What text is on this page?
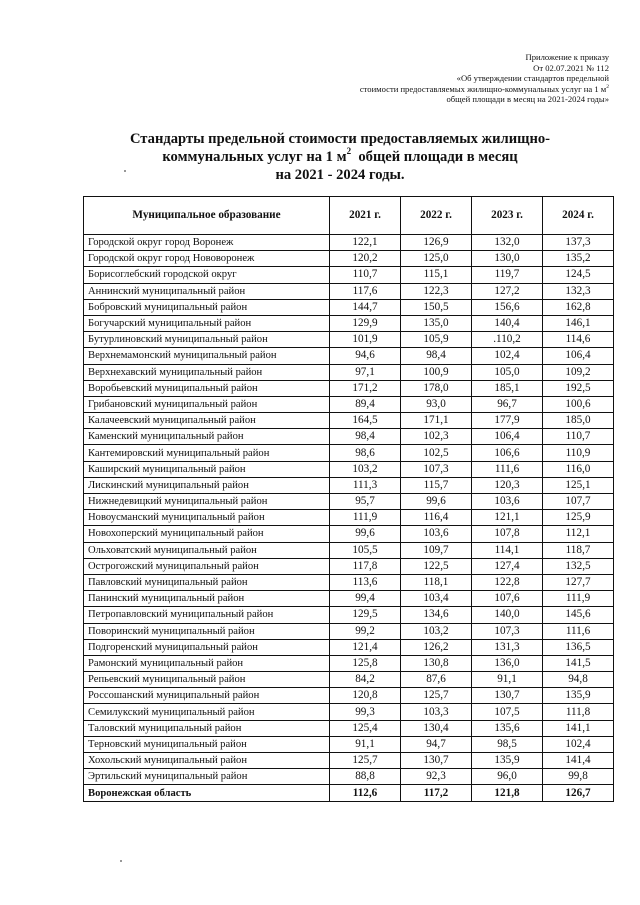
Приложение к приказу
От 02.07.2021 № 112
«Об утверждении стандартов предельной
стоимости предоставляемых жилищно-коммунальных услуг на 1 $м^2$
общей площади в месяц на 2021-2024 годы»
Стандарты предельной стоимости предоставляемых жилищно-
коммунальных услуг на 1 $м^2$  общей площади в месяц
на 2021 - 2024 годы.
Муниципальное образование	2021 г.	2022 г.	2023 г.	2024 г.
Городской округ город Воронеж	122,1	126,9	132,0	137,3
Городской округ город Нововоронеж	120,2	125,0	130,0	135,2
Борисоглебский городской округ	110,7	115,1	119,7	124,5
Аннинский муниципальный район	117,6	122,3	127,2	132,3
Бобровский муниципальный район	144,7	150,5	156,6	162,8
Богучарский муниципальный район	129,9	135,0	140,4	146,1
Бутурлиновский муниципальный район	101,9	105,9	.110,2	114,6
Верхнемамонский муниципальный район	94,6	98,4	102,4	106,4
Верхнехавский муниципальный район	97,1	100,9	105,0	109,2
Воробьевский муниципальный район	171,2	178,0	185,1	192,5
Грибановский муниципальный район	89,4	93,0	96,7	100,6
Калачеевский муниципальный район	164,5	171,1	177,9	185,0
Каменский муниципальный район	98,4	102,3	106,4	110,7
Кантемировский муниципальный район	98,6	102,5	106,6	110,9
Каширский муниципальный район	103,2	107,3	111,6	116,0
Лискинский муниципальный район	111,3	115,7	120,3	125,1
Нижнедевицкий муниципальный район	95,7	99,6	103,6	107,7
Новоусманский муниципальный район	111,9	116,4	121,1	125,9
Новохоперский муниципальный район	99,6	103,6	107,8	112,1
Ольховатский муниципальный район	105,5	109,7	114,1	118,7
Острогожский муниципальный район	117,8	122,5	127,4	132,5
Павловский муниципальный район	113,6	118,1	122,8	127,7
Панинский муниципальный район	99,4	103,4	107,6	111,9
Петропавловский муниципальный район	129,5	134,6	140,0	145,6
Поворинский муниципальный район	99,2	103,2	107,3	111,6
Подгоренский муниципальный район	121,4	126,2	131,3	136,5
Рамонский муниципальный район	125,8	130,8	136,0	141,5
Репьевский муниципальный район	84,2	87,6	91,1	94,8
Россошанский муниципальный район	120,8	125,7	130,7	135,9
Семилукский муниципальный район	99,3	103,3	107,5	111,8
Таловский муниципальный район	125,4	130,4	135,6	141,1
Терновский муниципальный район	91,1	94,7	98,5	102,4
Хохольский муниципальный район	125,7	130,7	135,9	141,4
Эртильский муниципальный район	88,8	92,3	96,0	99,8
Воронежская область	112,6	117,2	121,8	126,7
